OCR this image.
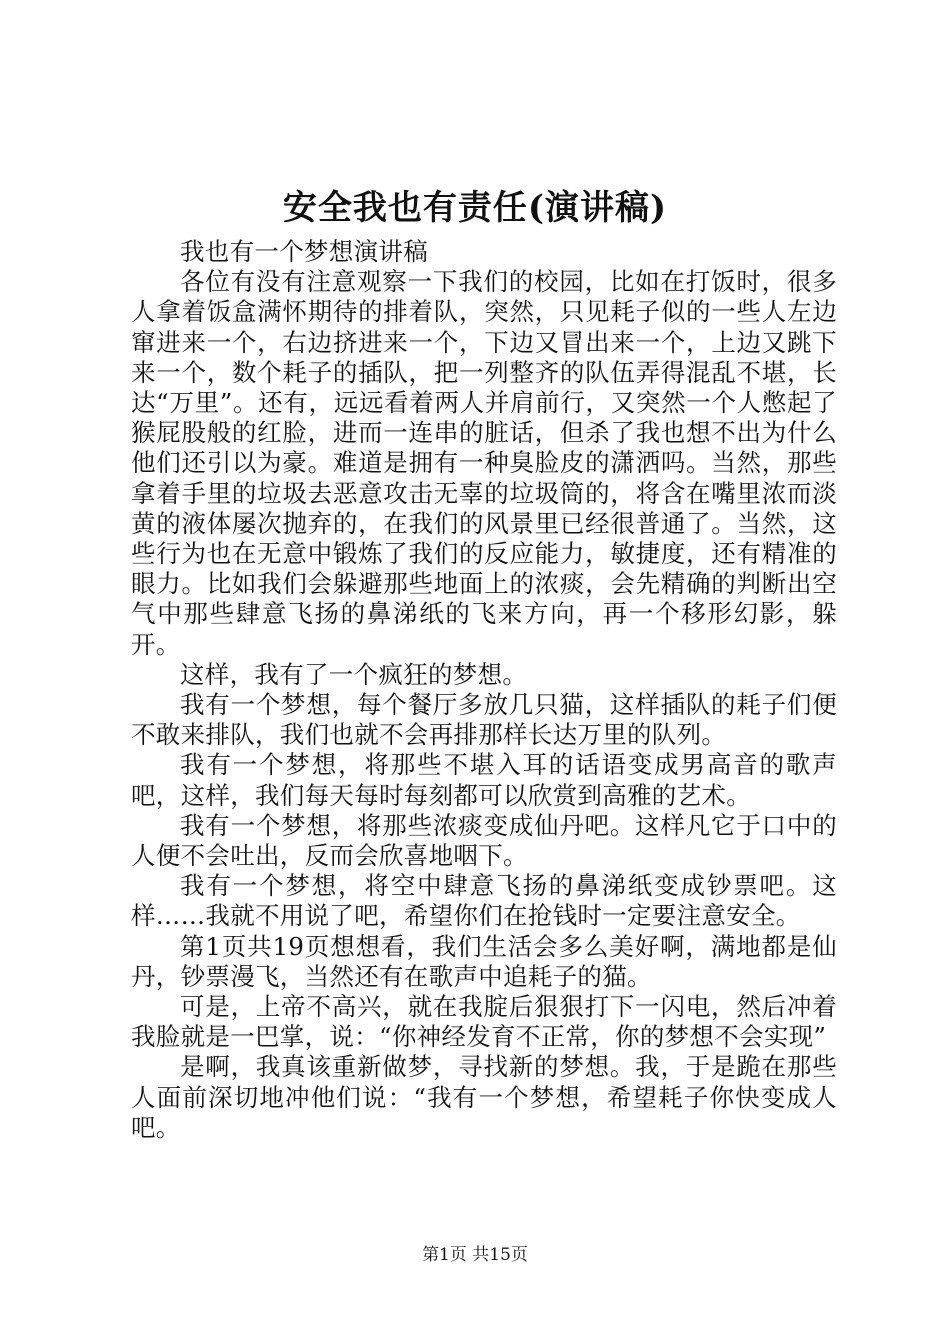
安全我也有责任(演讲稿)

我也有一个梦想演讲稿

各位有没有注意观察一下我们的校园，比如在打饭时，很多人拿着饭盒满怀期待的排着队，突然，只见耗子似的一些人左边窜进来一个，右边挤进来一个，下边又冒出来一个，上边又跳下来一个，数个耗子的插队，把一列整齐的队伍弄得混乱不堪，长达“万里”。还有，远远看着两人并肩前行，又突然一个人憋起了猴屁股般的红脸，进而一连串的脏话，但杀了我也想不出为什么他们还引以为豪。难道是拥有一种臭脸皮的潇洒吗。当然，那些拿着手里的垃圾去恶意攻击无辜的垃圾筒的，将含在嘴里浓而淡黄的液体屡次抛弃的，在我们的风景里已经很普通了。当然，这些行为也在无意中锻炼了我们的反应能力，敏捷度，还有精准的眼力。比如我们会躲避那些地面上的浓痰，会先精确的判断出空气中那些肆意飞扬的鼻涕纸的飞来方向，再一个移形幻影，躲开。

这样，我有了一个疯狂的梦想。

我有一个梦想，每个餐厅多放几只猫，这样插队的耗子们便不敢来排队，我们也就不会再排那样长达万里的队列。

我有一个梦想，将那些不堪入耳的话语变成男高音的歌声吧，这样，我们每天每时每刻都可以欣赏到高雅的艺术。

我有一个梦想，将那些浓痰变成仙丹吧。这样凡它于口中的人便不会吐出，反而会欣喜地咽下。

我有一个梦想，将空中肆意飞扬的鼻涕纸变成钞票吧。这样……我就不用说了吧，希望你们在抢钱时一定要注意安全。

第1页共19页想想看，我们生活会多么美好啊，满地都是仙丹，钞票漫飞，当然还有在歌声中追耗子的猫。

可是，上帝不高兴，就在我腚后狠狠打下一闪电，然后冲着我脸就是一巴掌，说：“你神经发育不正常，你的梦想不会实现”

是啊，我真该重新做梦，寻找新的梦想。我，于是跪在那些人面前深切地冲他们说：“我有一个梦想，希望耗子你快变成人吧。

第1页 共15页
